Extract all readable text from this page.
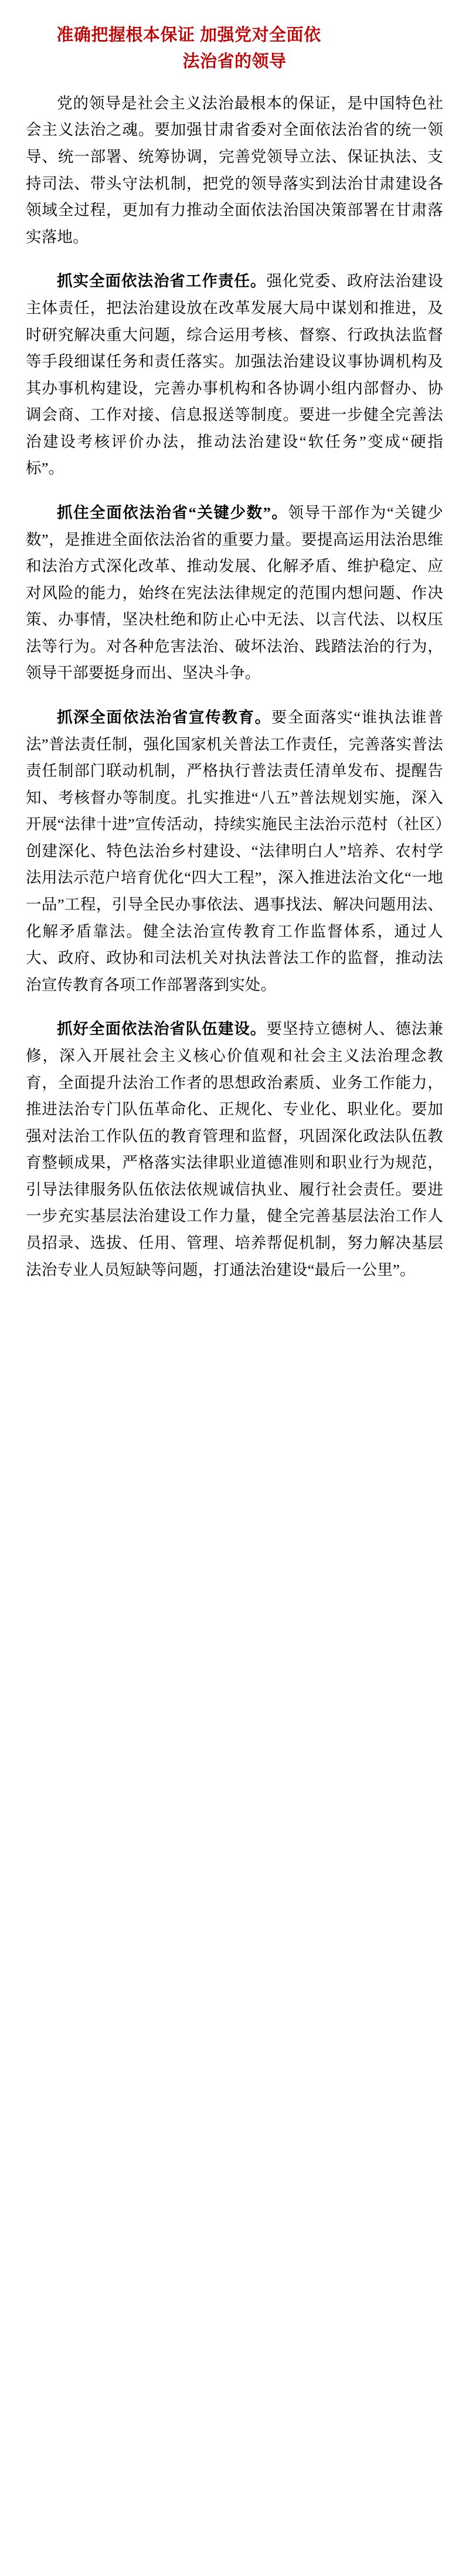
准确把握根本保证 加强党对全面依
法治省的领导

党的领导是社会主义法治最根本的保证，是中国特色社会主义法治之魂。要加强甘肃省委对全面依法治省的统一领导、统一部署、统筹协调，完善党领导立法、保证执法、支持司法、带头守法机制，把党的领导落实到法治甘肃建设各领域全过程，更加有力推动全面依法治国决策部署在甘肃落实落地。

抓实全面依法治省工作责任。强化党委、政府法治建设主体责任，把法治建设放在改革发展大局中谋划和推进，及时研究解决重大问题，综合运用考核、督察、行政执法监督等手段细谋任务和责任落实。加强法治建设议事协调机构及其办事机构建设，完善办事机构和各协调小组内部督办、协调会商、工作对接、信息报送等制度。要进一步健全完善法治建设考核评价办法，推动法治建设“软任务”变成“硬指标”。

抓住全面依法治省“关键少数”。领导干部作为“关键少数”，是推进全面依法治省的重要力量。要提高运用法治思维和法治方式深化改革、推动发展、化解矛盾、维护稳定、应对风险的能力，始终在宪法法律规定的范围内想问题、作决策、办事情，坚决杜绝和防止心中无法、以言代法、以权压法等行为。对各种危害法治、破坏法治、践踏法治的行为，领导干部要挺身而出、坚决斗争。

抓深全面依法治省宣传教育。要全面落实“谁执法谁普法”普法责任制，强化国家机关普法工作责任，完善落实普法责任制部门联动机制，严格执行普法责任清单发布、提醒告知、考核督办等制度。扎实推进“八五”普法规划实施，深入开展“法律十进”宣传活动，持续实施民主法治示范村（社区）创建深化、特色法治乡村建设、“法律明白人”培养、农村学法用法示范户培育优化“四大工程”，深入推进法治文化“一地一品”工程，引导全民办事依法、遇事找法、解决问题用法、化解矛盾靠法。健全法治宣传教育工作监督体系，通过人大、政府、政协和司法机关对执法普法工作的监督，推动法治宣传教育各项工作部署落到实处。

抓好全面依法治省队伍建设。要坚持立德树人、德法兼修，深入开展社会主义核心价值观和社会主义法治理念教育，全面提升法治工作者的思想政治素质、业务工作能力，推进法治专门队伍革命化、正规化、专业化、职业化。要加强对法治工作队伍的教育管理和监督，巩固深化政法队伍教育整顿成果，严格落实法律职业道德准则和职业行为规范，引导法律服务队伍依法依规诚信执业、履行社会责任。要进一步充实基层法治建设工作力量，健全完善基层法治工作人员招录、选拔、任用、管理、培养帮促机制，努力解决基层法治专业人员短缺等问题，打通法治建设“最后一公里”。
